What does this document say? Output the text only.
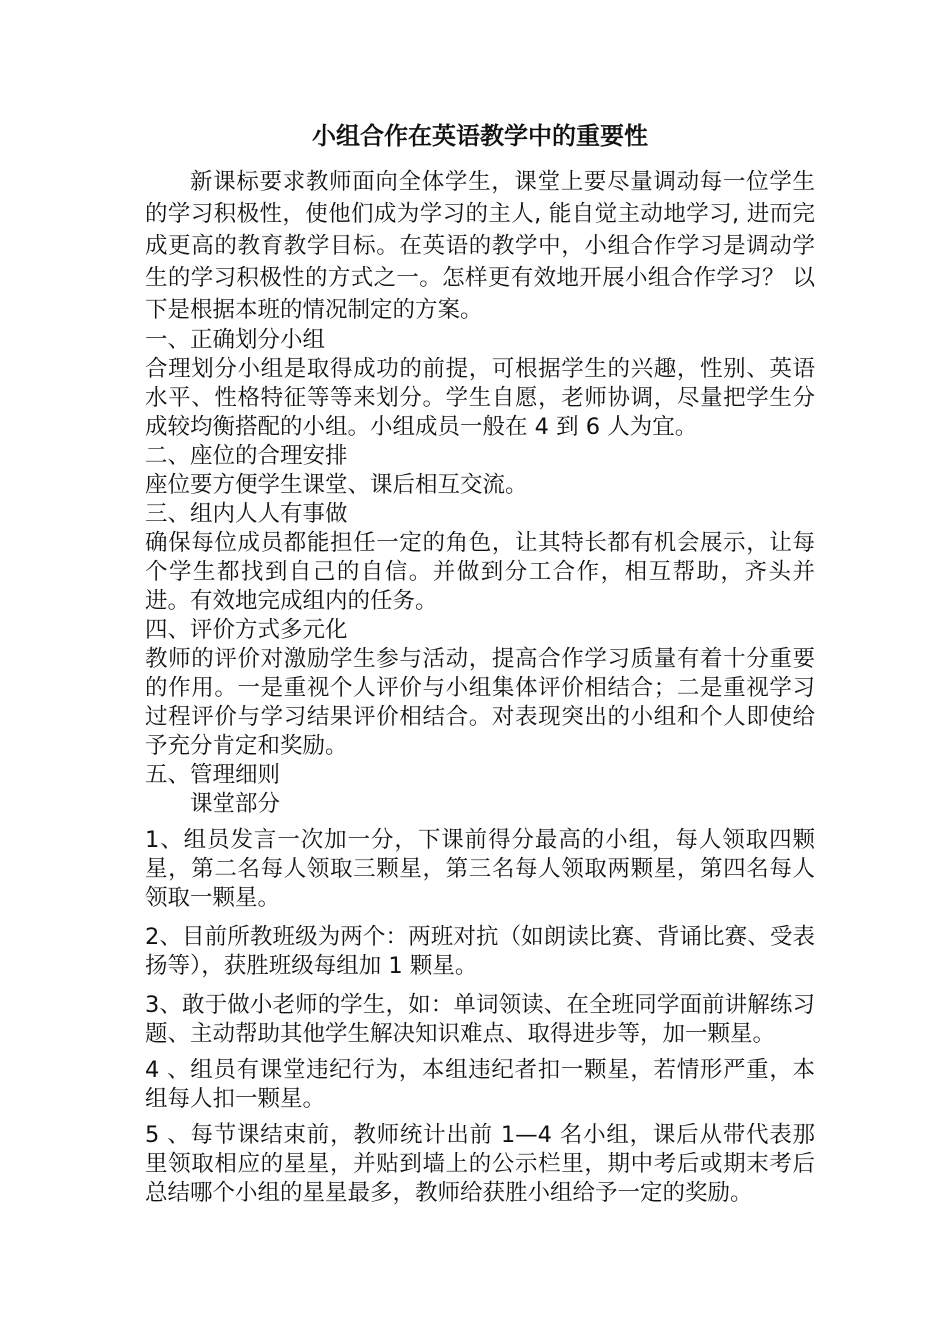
小组合作在英语教学中的重要性

新课标要求教师面向全体学生，课堂上要尽量调动每一位学生的学习积极性，使他们成为学习的主人, 能自觉主动地学习, 进而完成更高的教育教学目标。在英语的教学中，小组合作学习是调动学生的学习积极性的方式之一。怎样更有效地开展小组合作学习？ 以下是根据本班的情况制定的方案。

一、正确划分小组

合理划分小组是取得成功的前提，可根据学生的兴趣，性别、英语水平、性格特征等等来划分。学生自愿，老师协调，尽量把学生分成较均衡搭配的小组。小组成员一般在 4 到 6 人为宜。

二、座位的合理安排

座位要方便学生课堂、课后相互交流。

三、组内人人有事做

确保每位成员都能担任一定的角色，让其特长都有机会展示，让每个学生都找到自己的自信。并做到分工合作，相互帮助，齐头并进。有效地完成组内的任务。

四、评价方式多元化

教师的评价对激励学生参与活动，提高合作学习质量有着十分重要的作用。一是重视个人评价与小组集体评价相结合；二是重视学习过程评价与学习结果评价相结合。对表现突出的小组和个人即使给予充分肯定和奖励。

五、管理细则

课堂部分

1、组员发言一次加一分，下课前得分最高的小组，每人领取四颗星，第二名每人领取三颗星，第三名每人领取两颗星，第四名每人领取一颗星。

2、目前所教班级为两个：两班对抗（如朗读比赛、背诵比赛、受表扬等），获胜班级每组加 1 颗星。

3、敢于做小老师的学生，如：单词领读、在全班同学面前讲解练习题、主动帮助其他学生解决知识难点、取得进步等，加一颗星。

4 、组员有课堂违纪行为，本组违纪者扣一颗星，若情形严重，本组每人扣一颗星。

5 、每节课结束前，教师统计出前 1—4 名小组，课后从带代表那里领取相应的星星，并贴到墙上的公示栏里，期中考后或期末考后总结哪个小组的星星最多，教师给获胜小组给予一定的奖励。
